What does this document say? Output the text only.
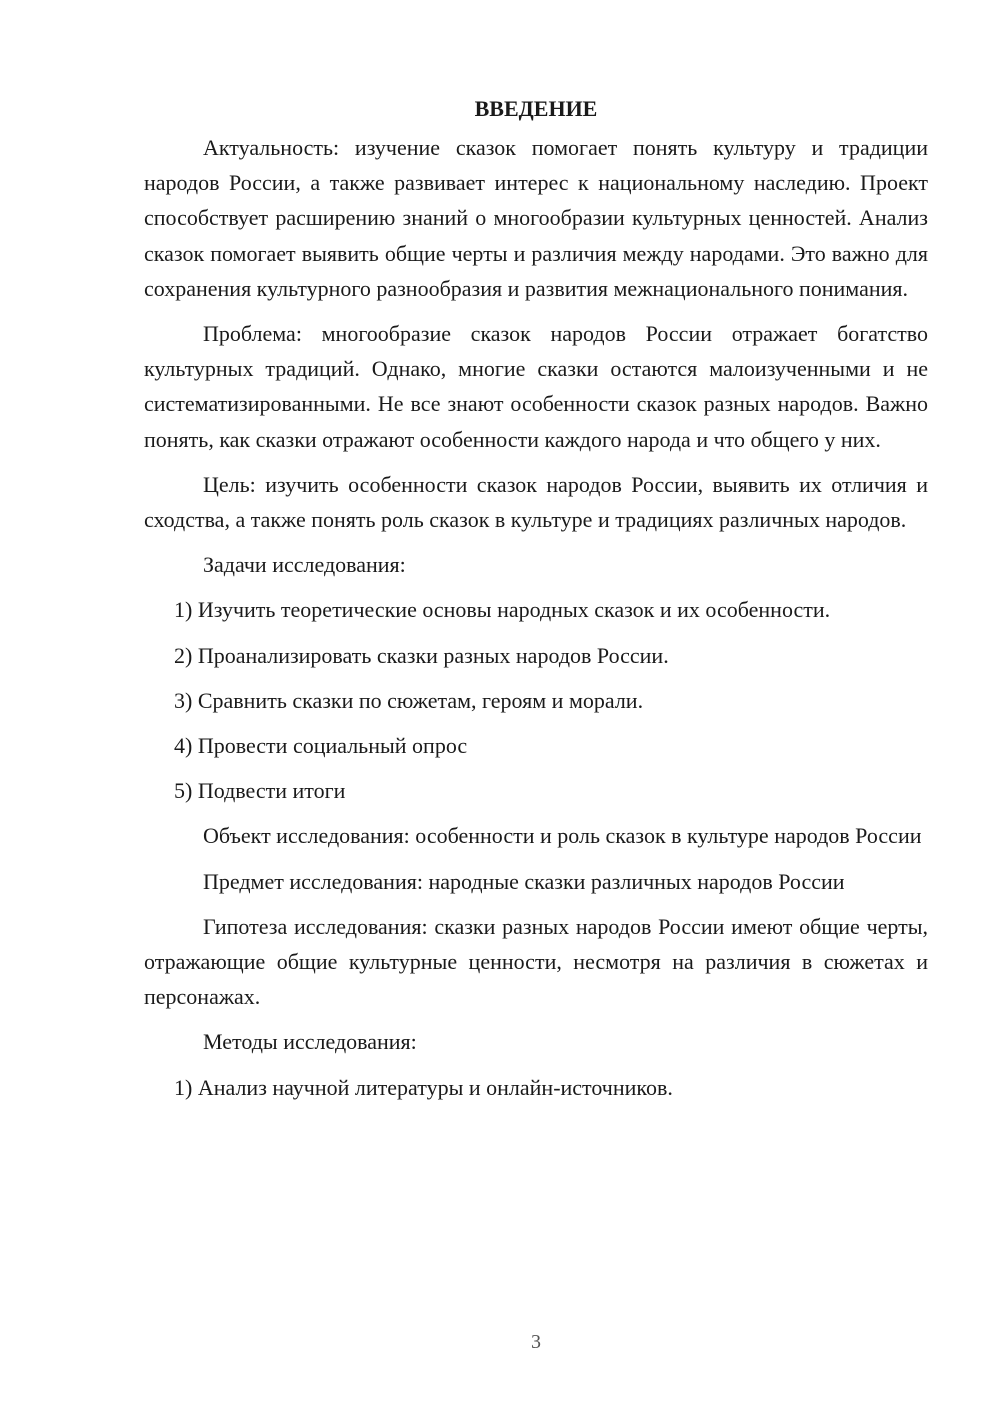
ВВЕДЕНИЕ

Актуальность: изучение сказок помогает понять культуру и традиции народов России, а также развивает интерес к национальному наследию. Проект способствует расширению знаний о многообразии культурных ценностей. Анализ сказок помогает выявить общие черты и различия между народами. Это важно для сохранения культурного разнообразия и развития межнационального понимания.

Проблема: многообразие сказок народов России отражает богатство культурных традиций. Однако, многие сказки остаются малоизученными и не систематизированными. Не все знают особенности сказок разных народов. Важно понять, как сказки отражают особенности каждого народа и что общего у них.

Цель: изучить особенности сказок народов России, выявить их отличия и сходства, а также понять роль сказок в культуре и традициях различных народов.

Задачи исследования:

1) Изучить теоретические основы народных сказок и их особенности.
2) Проанализировать сказки разных народов России.
3) Сравнить сказки по сюжетам, героям и морали.
4) Провести социальный опрос
5) Подвести итоги

Объект исследования: особенности и роль сказок в культуре народов России

Предмет исследования: народные сказки различных народов России

Гипотеза исследования: сказки разных народов России имеют общие черты, отражающие общие культурные ценности, несмотря на различия в сюжетах и персонажах.

Методы исследования:

1) Анализ научной литературы и онлайн-источников.
3
